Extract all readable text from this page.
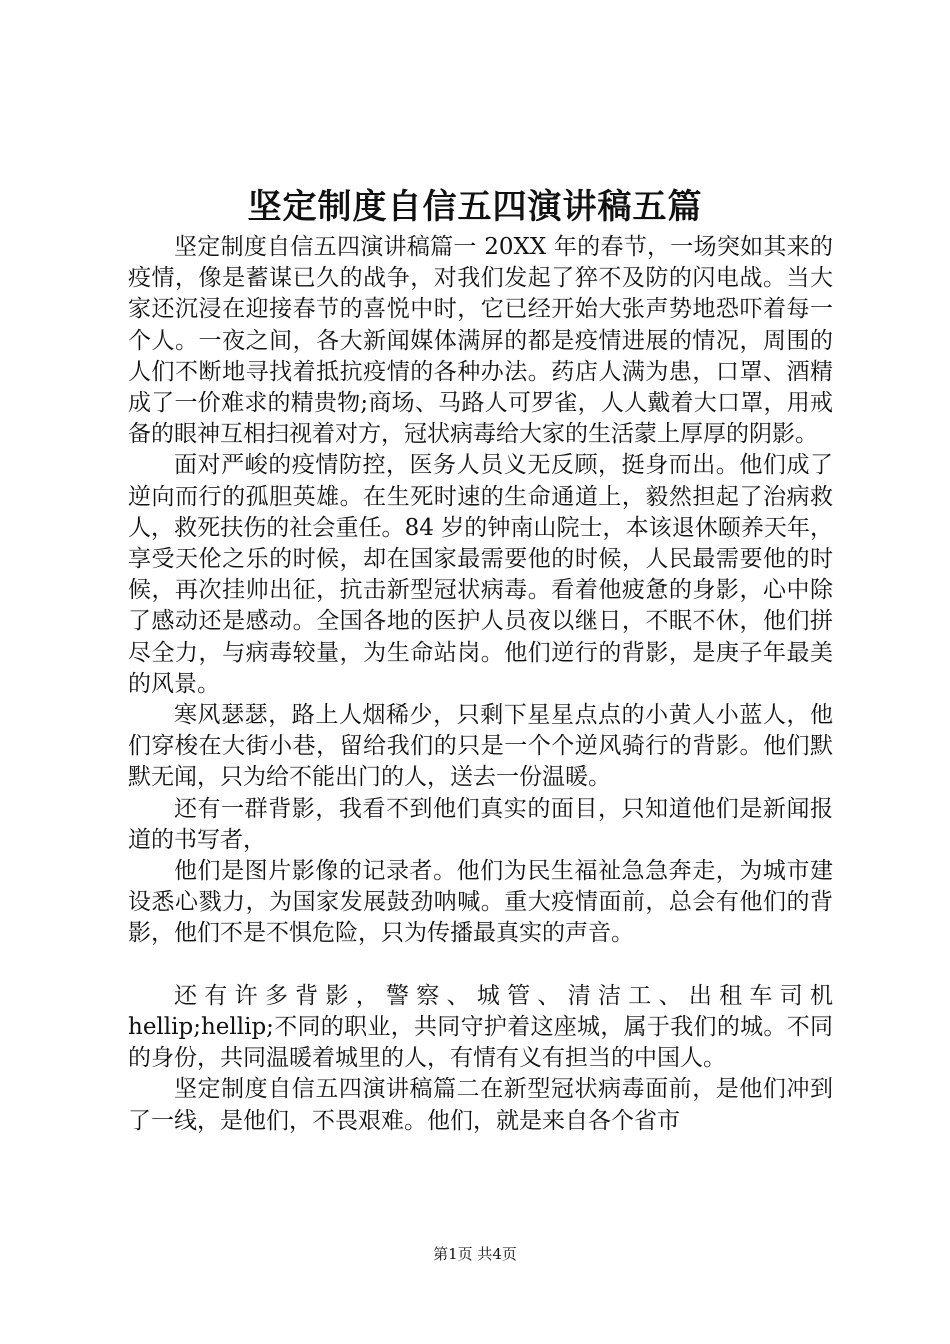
坚定制度自信五四演讲稿五篇

坚定制度自信五四演讲稿篇一 20XX 年的春节，一场突如其来的疫情，像是蓄谋已久的战争，对我们发起了猝不及防的闪电战。当大家还沉浸在迎接春节的喜悦中时，它已经开始大张声势地恐吓着每一个人。一夜之间，各大新闻媒体满屏的都是疫情进展的情况，周围的人们不断地寻找着抵抗疫情的各种办法。药店人满为患，口罩、酒精成了一价难求的精贵物;商场、马路人可罗雀，人人戴着大口罩，用戒备的眼神互相扫视着对方，冠状病毒给大家的生活蒙上厚厚的阴影。

面对严峻的疫情防控，医务人员义无反顾，挺身而出。他们成了逆向而行的孤胆英雄。在生死时速的生命通道上，毅然担起了治病救人，救死扶伤的社会重任。84 岁的钟南山院士，本该退休颐养天年，享受天伦之乐的时候，却在国家最需要他的时候，人民最需要他的时候，再次挂帅出征，抗击新型冠状病毒。看着他疲惫的身影，心中除了感动还是感动。全国各地的医护人员夜以继日，不眠不休，他们拼尽全力，与病毒较量，为生命站岗。他们逆行的背影，是庚子年最美的风景。

寒风瑟瑟，路上人烟稀少，只剩下星星点点的小黄人小蓝人，他们穿梭在大街小巷，留给我们的只是一个个逆风骑行的背影。他们默默无闻，只为给不能出门的人，送去一份温暖。

还有一群背影，我看不到他们真实的面目，只知道他们是新闻报道的书写者，

他们是图片影像的记录者。他们为民生福祉急急奔走，为城市建设悉心戮力，为国家发展鼓劲呐喊。重大疫情面前，总会有他们的背影，他们不是不惧危险，只为传播最真实的声音。

还有许多背影，警察、城管、清洁工、出租车司机 hellip;hellip;不同的职业，共同守护着这座城，属于我们的城。不同的身份，共同温暖着城里的人，有情有义有担当的中国人。

坚定制度自信五四演讲稿篇二在新型冠状病毒面前，是他们冲到了一线，是他们，不畏艰难。他们，就是来自各个省市

第1页 共4页
